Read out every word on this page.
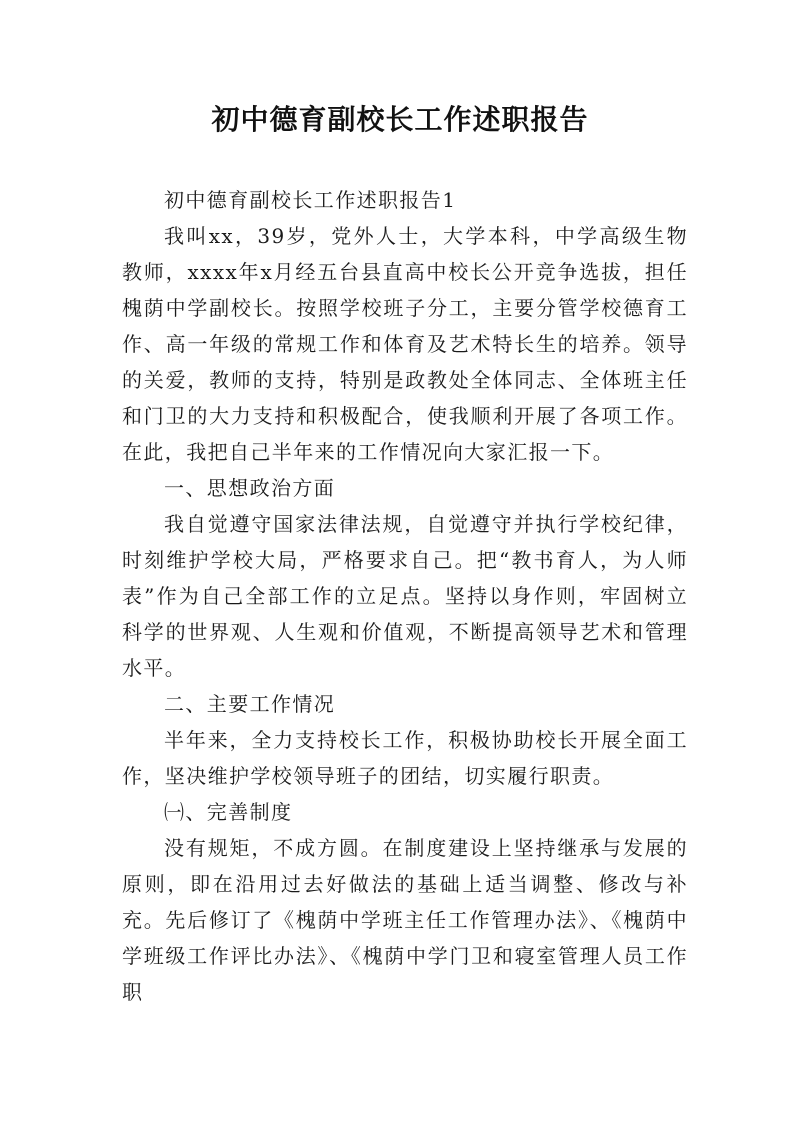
初中德育副校长工作述职报告

初中德育副校长工作述职报告1

我叫xx，39岁，党外人士，大学本科，中学高级生物教师，xxxx年x月经五台县直高中校长公开竞争选拔，担任槐荫中学副校长。按照学校班子分工，主要分管学校德育工作、高一年级的常规工作和体育及艺术特长生的培养。领导的关爱，教师的支持，特别是政教处全体同志、全体班主任和门卫的大力支持和积极配合，使我顺利开展了各项工作。在此，我把自己半年来的工作情况向大家汇报一下。

一、思想政治方面

我自觉遵守国家法律法规，自觉遵守并执行学校纪律，时刻维护学校大局，严格要求自己。把“教书育人，为人师表”作为自己全部工作的立足点。坚持以身作则，牢固树立科学的世界观、人生观和价值观，不断提高领导艺术和管理水平。

二、主要工作情况

半年来，全力支持校长工作，积极协助校长开展全面工作，坚决维护学校领导班子的团结，切实履行职责。

㈠、完善制度

没有规矩，不成方圆。在制度建设上坚持继承与发展的原则，即在沿用过去好做法的基础上适当调整、修改与补充。先后修订了《槐荫中学班主任工作管理办法》、《槐荫中学班级工作评比办法》、《槐荫中学门卫和寝室管理人员工作职
